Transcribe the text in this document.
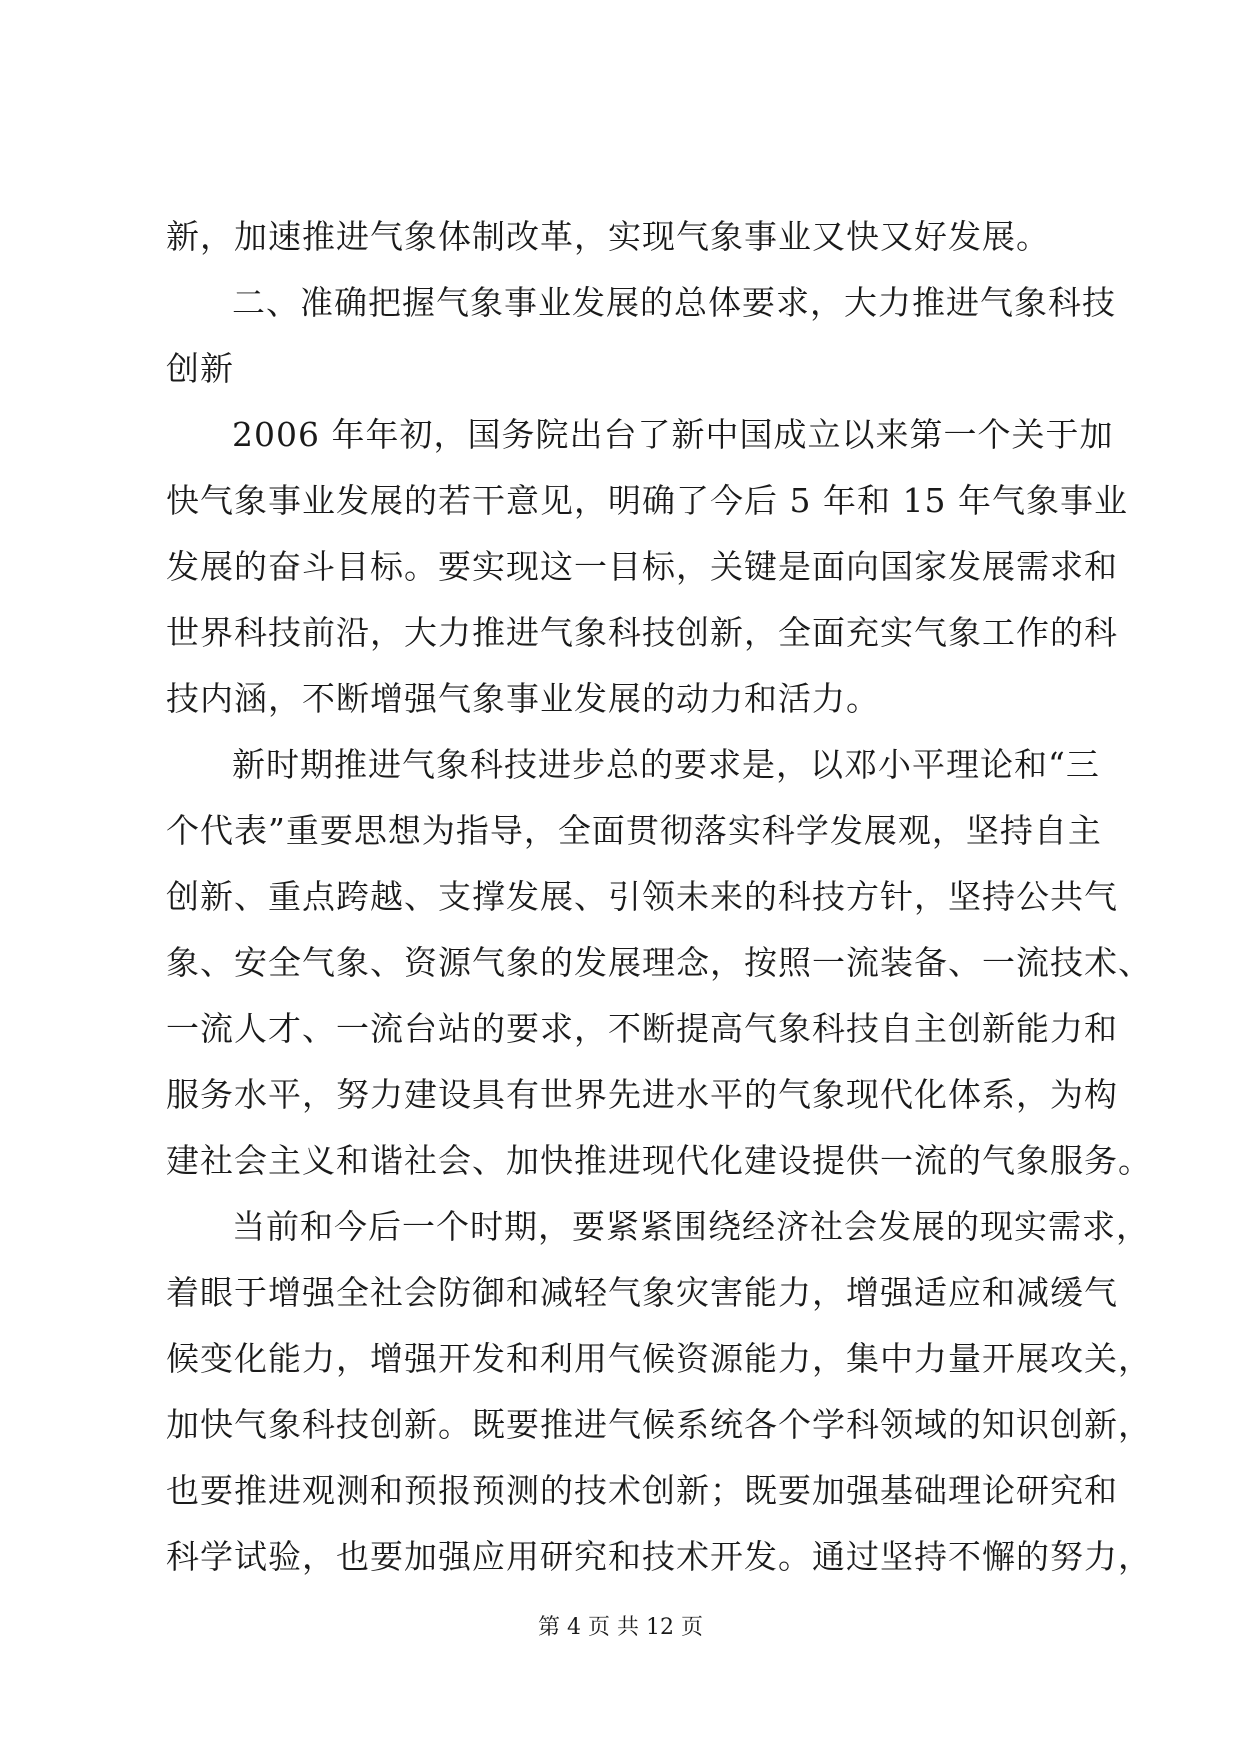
新，加速推进气象体制改革，实现气象事业又快又好发展。
二、准确把握气象事业发展的总体要求，大力推进气象科技
创新
2006 年年初，国务院出台了新中国成立以来第一个关于加
快气象事业发展的若干意见，明确了今后 5 年和 15 年气象事业
发展的奋斗目标。要实现这一目标，关键是面向国家发展需求和
世界科技前沿，大力推进气象科技创新，全面充实气象工作的科
技内涵，不断增强气象事业发展的动力和活力。
新时期推进气象科技进步总的要求是，以邓小平理论和“三
个代表”重要思想为指导，全面贯彻落实科学发展观，坚持自主
创新、重点跨越、支撑发展、引领未来的科技方针，坚持公共气
象、安全气象、资源气象的发展理念，按照一流装备、一流技术、
一流人才、一流台站的要求，不断提高气象科技自主创新能力和
服务水平，努力建设具有世界先进水平的气象现代化体系，为构
建社会主义和谐社会、加快推进现代化建设提供一流的气象服务。
当前和今后一个时期，要紧紧围绕经济社会发展的现实需求，
着眼于增强全社会防御和减轻气象灾害能力，增强适应和减缓气
候变化能力，增强开发和利用气候资源能力，集中力量开展攻关，
加快气象科技创新。既要推进气候系统各个学科领域的知识创新，
也要推进观测和预报预测的技术创新；既要加强基础理论研究和
科学试验，也要加强应用研究和技术开发。通过坚持不懈的努力，
第 4 页 共 12 页
